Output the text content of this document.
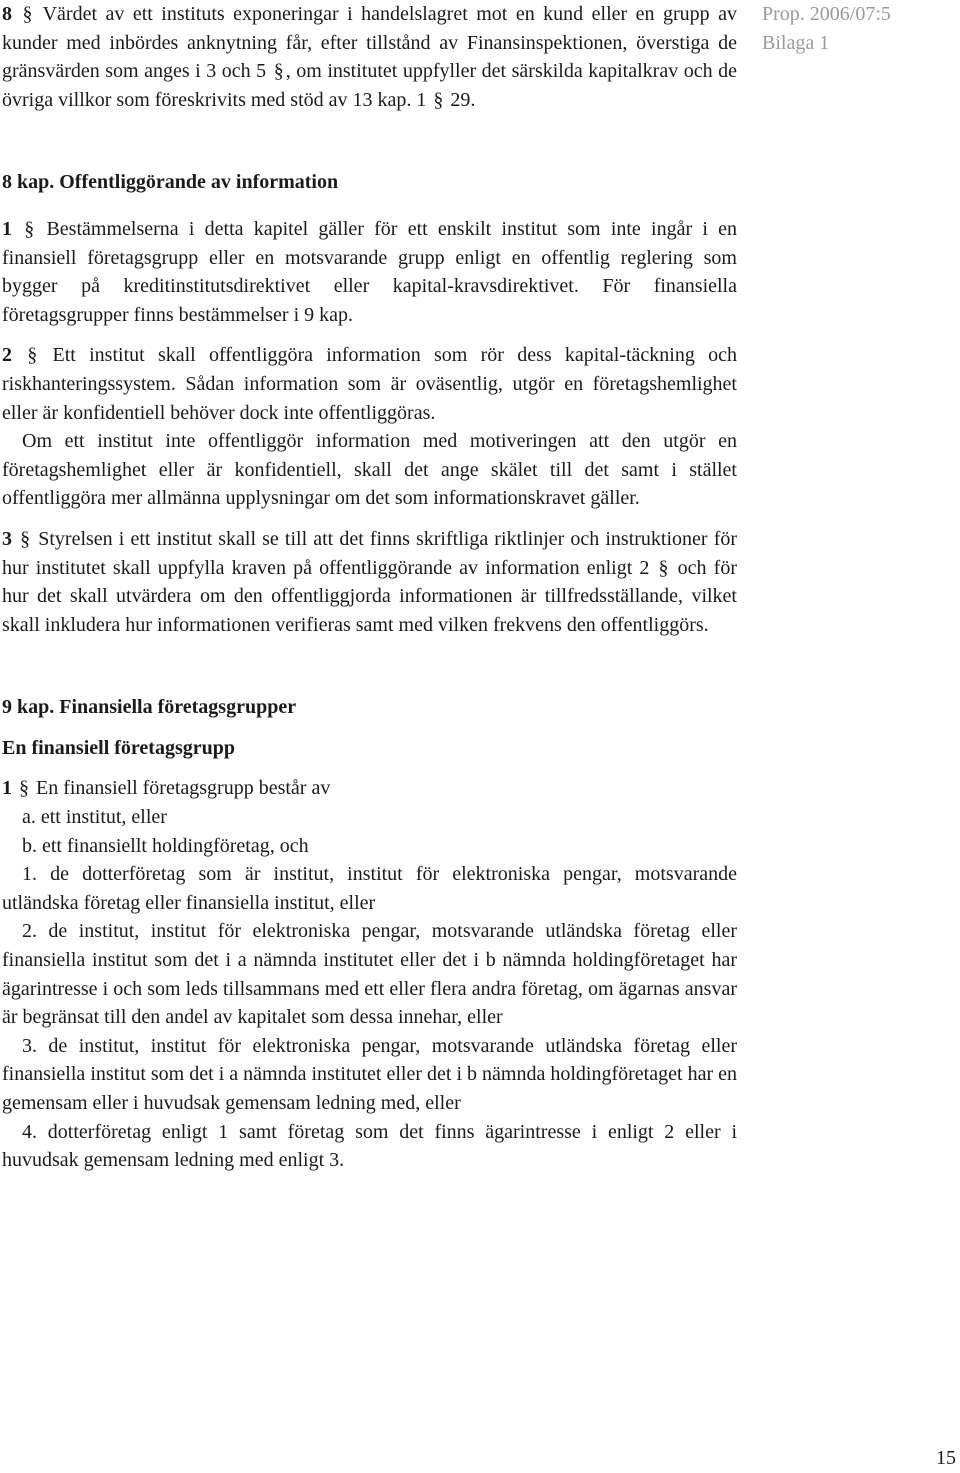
Prop. 2006/07:5
Bilaga 1

8 § Värdet av ett instituts exponeringar i handelslagret mot en kund eller en grupp av kunder med inbördes anknytning får, efter tillstånd av Finansinspektionen, överstiga de gränsvärden som anges i 3 och 5 § , om institutet uppfyller det särskilda kapitalkrav och de övriga villkor som föreskrivits med stöd av 13 kap. 1 § 29.

8 kap. Offentliggörande av information

1 § Bestämmelserna i detta kapitel gäller för ett enskilt institut som inte ingår i en finansiell företagsgrupp eller en motsvarande grupp enligt en offentlig reglering som bygger på kreditinstitutsdirektivet eller kapital-kravsdirektivet. För finansiella företagsgrupper finns bestämmelser i 9 kap.

2 § Ett institut skall offentliggöra information som rör dess kapital-täckning och riskhanteringssystem. Sådan information som är oväsentlig, utgör en företagshemlighet eller är konfidentiell behöver dock inte offentliggöras.

Om ett institut inte offentliggör information med motiveringen att den utgör en företagshemlighet eller är konfidentiell, skall det ange skälet till det samt i stället offentliggöra mer allmänna upplysningar om det som informationskravet gäller.

3 § Styrelsen i ett institut skall se till att det finns skriftliga riktlinjer och instruktioner för hur institutet skall uppfylla kraven på offentliggörande av information enligt 2 § och för hur det skall utvärdera om den offentliggjorda informationen är tillfredsställande, vilket skall inkludera hur informationen verifieras samt med vilken frekvens den offentliggörs.

9 kap. Finansiella företagsgrupper

En finansiell företagsgrupp

1 § En finansiell företagsgrupp består av

a. ett institut, eller

b. ett finansiellt holdingföretag, och

1. de dotterföretag som är institut, institut för elektroniska pengar, motsvarande utländska företag eller finansiella institut, eller

2. de institut, institut för elektroniska pengar, motsvarande utländska företag eller finansiella institut som det i a nämnda institutet eller det i b nämnda holdingföretaget har ägarintresse i och som leds tillsammans med ett eller flera andra företag, om ägarnas ansvar är begränsat till den andel av kapitalet som dessa innehar, eller

3. de institut, institut för elektroniska pengar, motsvarande utländska företag eller finansiella institut som det i a nämnda institutet eller det i b nämnda holdingföretaget har en gemensam eller i huvudsak gemensam ledning med, eller

4. dotterföretag enligt 1 samt företag som det finns ägarintresse i enligt 2 eller i huvudsak gemensam ledning med enligt 3.

15
